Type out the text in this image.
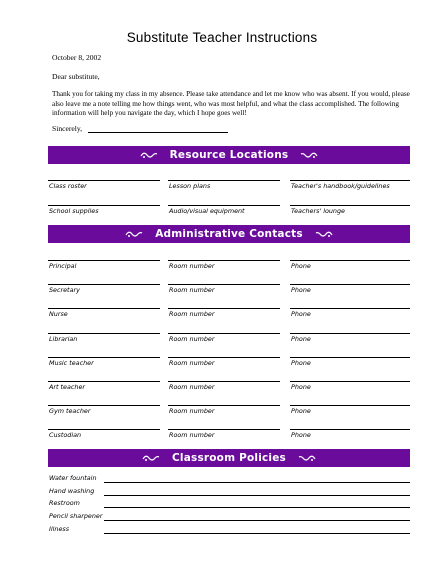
Substitute Teacher Instructions
October 8, 2002
Dear substitute,
Thank you for taking my class in my absence. Please take attendance and let me know who was absent. If you would, please also leave me a note telling me how things went, who was most helpful, and what the class accomplished. The following information will help you navigate the day, which I hope goes well!
Sincerely,
Resource Locations
Class roster	Lesson plans	Teacher's handbook/guidelines
School supplies	Audio/visual equipment	Teachers' lounge
Administrative Contacts
Principal	Room number	Phone
Secretary	Room number	Phone
Nurse	Room number	Phone
Librarian	Room number	Phone
Music teacher	Room number	Phone
Art teacher	Room number	Phone
Gym teacher	Room number	Phone
Custodian	Room number	Phone
Classroom Policies
Water fountain
Hand washing
Restroom
Pencil sharpener
Illness
